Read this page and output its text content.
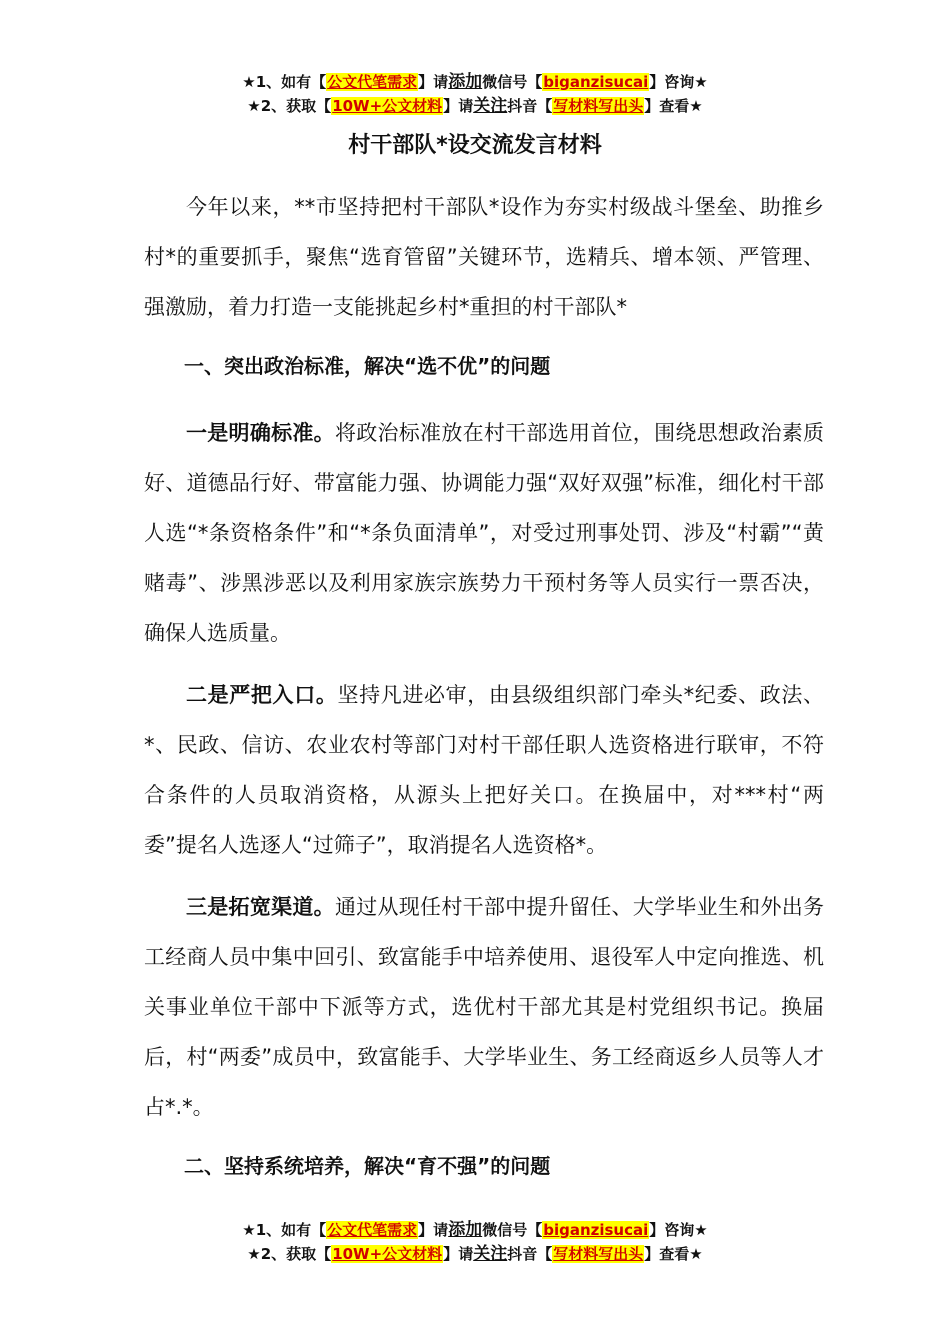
★1、如有【公文代笔需求】请添加微信号【biganzisucai】咨询★
★2、获取【10W+公文材料】请关注抖音【写材料写出头】查看★
村干部队*设交流发言材料

今年以来，**市坚持把村干部队*设作为夯实村级战斗堡垒、助推乡村*的重要抓手，聚焦“选育管留”关键环节，选精兵、增本领、严管理、强激励，着力打造一支能挑起乡村*重担的村干部队*

一、突出政治标准，解决“选不优”的问题

一是明确标准。将政治标准放在村干部选用首位，围绕思想政治素质好、道德品行好、带富能力强、协调能力强“双好双强”标准，细化村干部人选“*条资格条件”和“*条负面清单”，对受过刑事处罚、涉及“村霸”“黄赌毒”、涉黑涉恶以及利用家族宗族势力干预村务等人员实行一票否决，确保人选质量。

二是严把入口。坚持凡进必审，由县级组织部门牵头*纪委、政法、*、民政、信访、农业农村等部门对村干部任职人选资格进行联审，不符合条件的人员取消资格，从源头上把好关口。在换届中，对***村“两委”提名人选逐人“过筛子”，取消提名人选资格*。

三是拓宽渠道。通过从现任村干部中提升留任、大学毕业生和外出务工经商人员中集中回引、致富能手中培养使用、退役军人中定向推选、机关事业单位干部中下派等方式，选优村干部尤其是村党组织书记。换届后，村“两委”成员中，致富能手、大学毕业生、务工经商返乡人员等人才占*.*。

二、坚持系统培养，解决“育不强”的问题
★1、如有【公文代笔需求】请添加微信号【biganzisucai】咨询★
★2、获取【10W+公文材料】请关注抖音【写材料写出头】查看★
